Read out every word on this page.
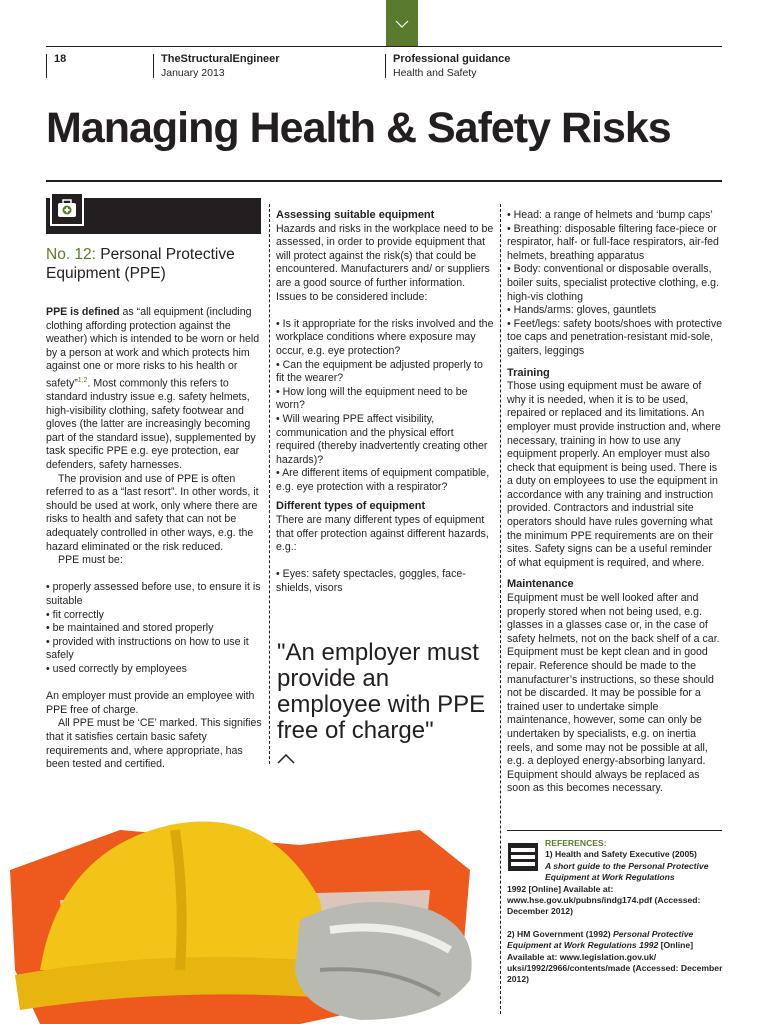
18	TheStructuralEngineer
January 2013
Professional guidance
Health and Safety
Managing Health & Safety Risks
No. 12: Personal Protective Equipment (PPE)

PPE is defined as “all equipment (including clothing affording protection against the weather) which is intended to be worn or held by a person at work and which protects him against one or more risks to his health or safety”$^{1,2}$. Most commonly this refers to standard industry issue e.g. safety helmets, high-visibility clothing, safety footwear and gloves (the latter are increasingly becoming part of the standard issue), supplemented by task specific PPE e.g. eye protection, ear defenders, safety harnesses.

The provision and use of PPE is often referred to as a “last resort”. In other words, it should be used at work, only where there are risks to health and safety that can not be adequately controlled in other ways, e.g. the hazard eliminated or the risk reduced.

PPE must be:

• properly assessed before use, to ensure it is suitable

• fit correctly

• be maintained and stored properly

• provided with instructions on how to use it safely

• used correctly by employees

An employer must provide an employee with PPE free of charge.

All PPE must be ‘CE’ marked. This signifies that it satisfies certain basic safety requirements and, where appropriate, has been tested and certified.

Assessing suitable equipment

Hazards and risks in the workplace need to be assessed, in order to provide equipment that will protect against the risk(s) that could be encountered. Manufacturers and/ or suppliers are a good source of further information. Issues to be considered include:

• Is it appropriate for the risks involved and the workplace conditions where exposure may occur, e.g. eye protection?

• Can the equipment be adjusted properly to fit the wearer?

• How long will the equipment need to be worn?

• Will wearing PPE affect visibility, communication and the physical effort required (thereby inadvertently creating other hazards)?

• Are different items of equipment compatible, e.g. eye protection with a respirator?

Different types of equipment

There are many different types of equipment that offer protection against different hazards, e.g.:

• Eyes: safety spectacles, goggles, face-shields, visors

"An employer must provide an employee with PPE free of charge"

• Head: a range of helmets and ‘bump caps’

• Breathing: disposable filtering face-piece or respirator, half- or full-face respirators, air-fed helmets, breathing apparatus

• Body: conventional or disposable overalls, boiler suits, specialist protective clothing, e.g. high-vis clothing

• Hands/arms: gloves, gauntlets

• Feet/legs: safety boots/shoes with protective toe caps and penetration-resistant mid-sole, gaiters, leggings

Training

Those using equipment must be aware of why it is needed, when it is to be used, repaired or replaced and its limitations. An employer must provide instruction and, where necessary, training in how to use any equipment properly. An employer must also check that equipment is being used. There is a duty on employees to use the equipment in accordance with any training and instruction provided. Contractors and industrial site operators should have rules governing what the minimum PPE requirements are on their sites. Safety signs can be a useful reminder of what equipment is required, and where.

Maintenance

Equipment must be well looked after and properly stored when not being used, e.g. glasses in a glasses case or, in the case of safety helmets, not on the back shelf of a car. Equipment must be kept clean and in good repair. Reference should be made to the manufacturer’s instructions, so these should not be discarded. It may be possible for a trained user to undertake simple maintenance, however, some can only be undertaken by specialists, e.g. on inertia reels, and some may not be possible at all, e.g. a deployed energy-absorbing lanyard. Equipment should always be replaced as soon as this becomes necessary.

REFERENCES:

1) Health and Safety Executive (2005)

A short guide to the Personal Protective Equipment at Work Regulations

1992 [Online] Available at: www.hse.gov.uk/pubns/indg174.pdf (Accessed: December 2012)

2) HM Government (1992) Personal Protective Equipment at Work Regulations 1992 [Online] Available at: www.legislation.gov.uk/ uksi/1992/2966/contents/made (Accessed: December 2012)
